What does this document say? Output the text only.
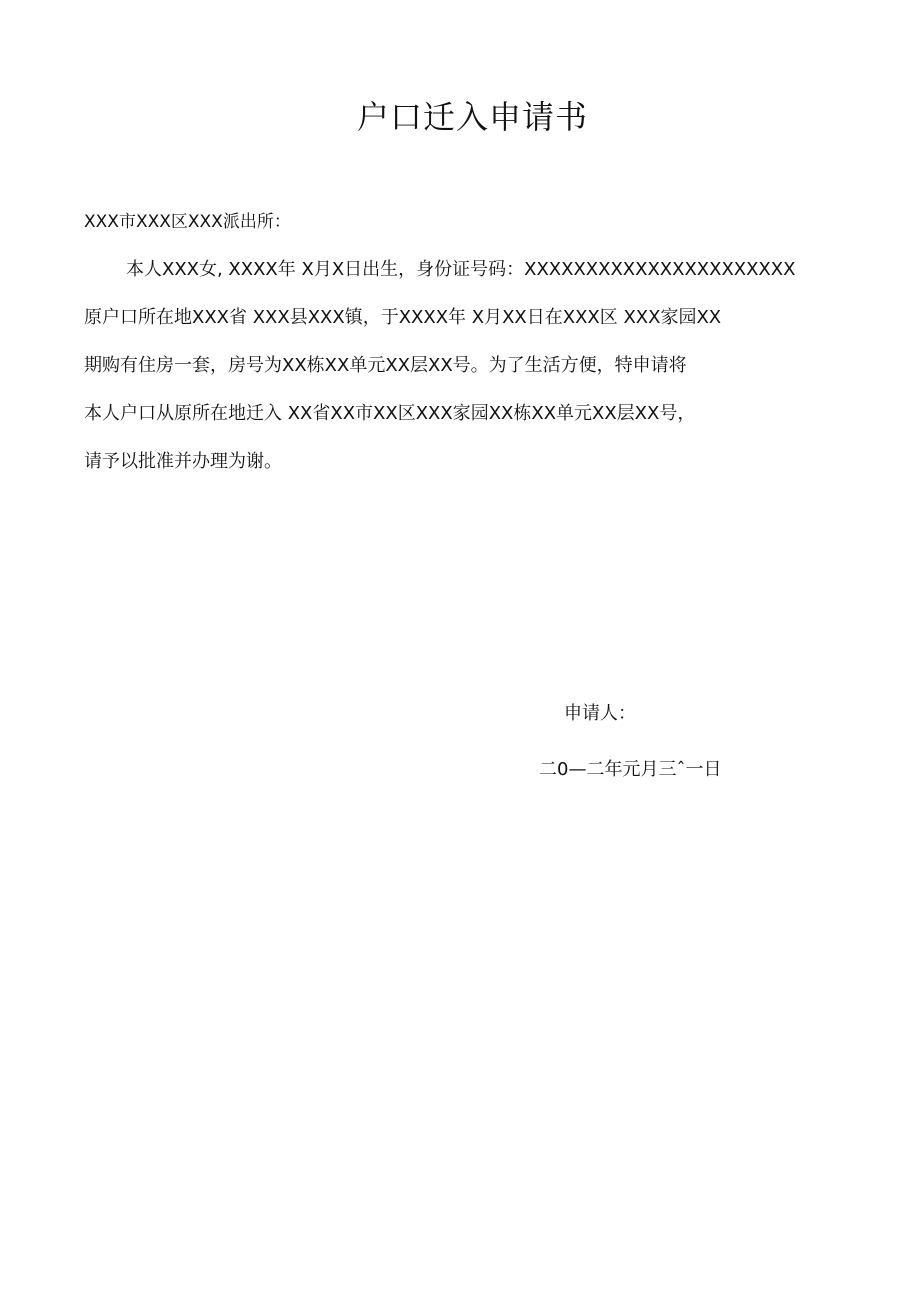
户口迁入申请书
XXX市XXX区XXX派出所：
本人XXX女, XXXX年 X月X日出生，身份证号码：XXXXXXXXXXXXXXXXXXXXXX
原户口所在地XXX省 XXX县XXX镇，于XXXX年 X月XX日在XXX区 XXX家园XX
期购有住房一套，房号为XX栋XX单元XX层XX号。为了生活方便，特申请将
本人户口从原所在地迁入 XX省XX市XX区XXX家园XX栋XX单元XX层XX号，
请予以批准并办理为谢。
申请人：
二0—二年元月三ˆ一日
